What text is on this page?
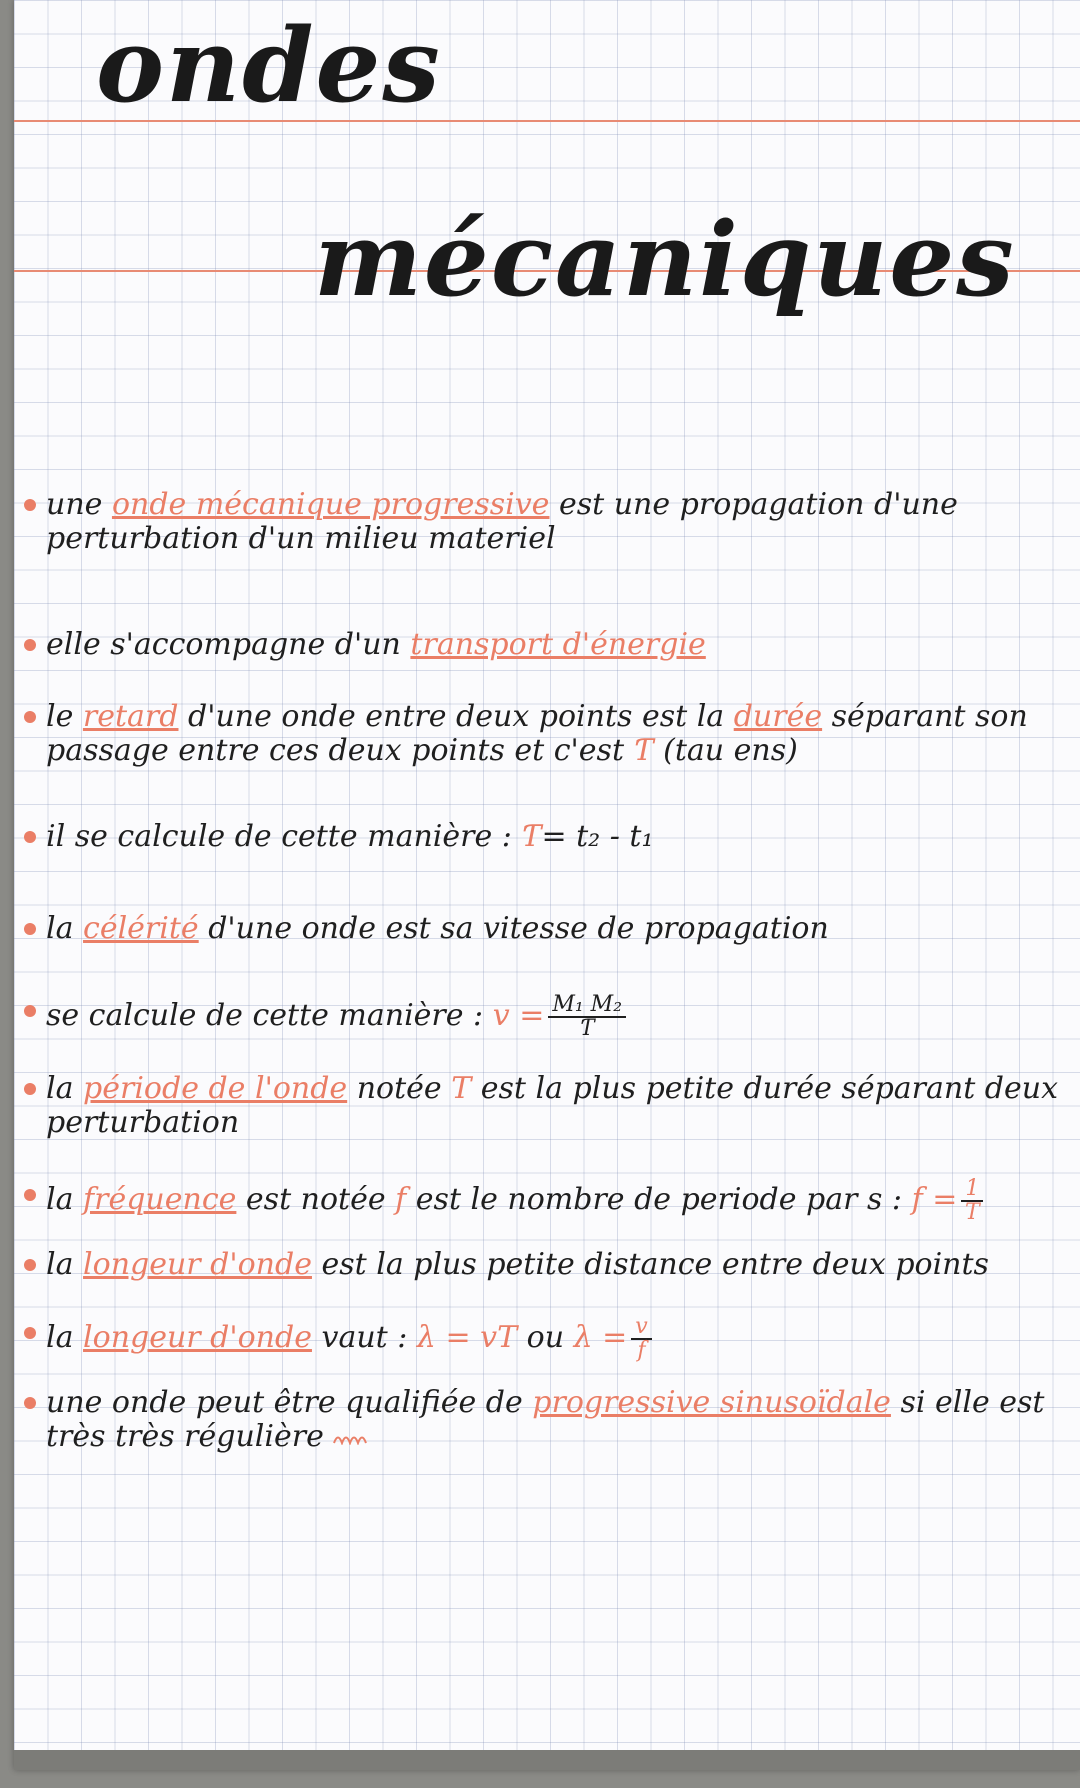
ondes
mécaniques
une onde mécanique progressive est une propagation d'une perturbation d'un milieu materiel
elle s'accompagne d'un transport d'énergie
le retard d'une onde entre deux points est la durée séparant son passage entre ces deux points et c'est Ƭ (tau ens)
il se calcule de cette manière : Ƭ= t₂ - t₁
la célérité d'une onde est sa vitesse de propagation
se calcule de cette manière : $v = \frac{\text{M₁ M₂}}{Ƭ}$
la période de l'onde notée T est la plus petite durée séparant deux perturbation
la fréquence est notée f est le nombre de periode par s : $f = \frac{1}{T}$
la longeur d'onde est la plus petite distance entre deux points
la longeur d'onde vaut : λ = vT ou $\lambda = \frac{v}{f}$
une onde peut être qualifiée de progressive sinusoïdale si elle est très très régulière
